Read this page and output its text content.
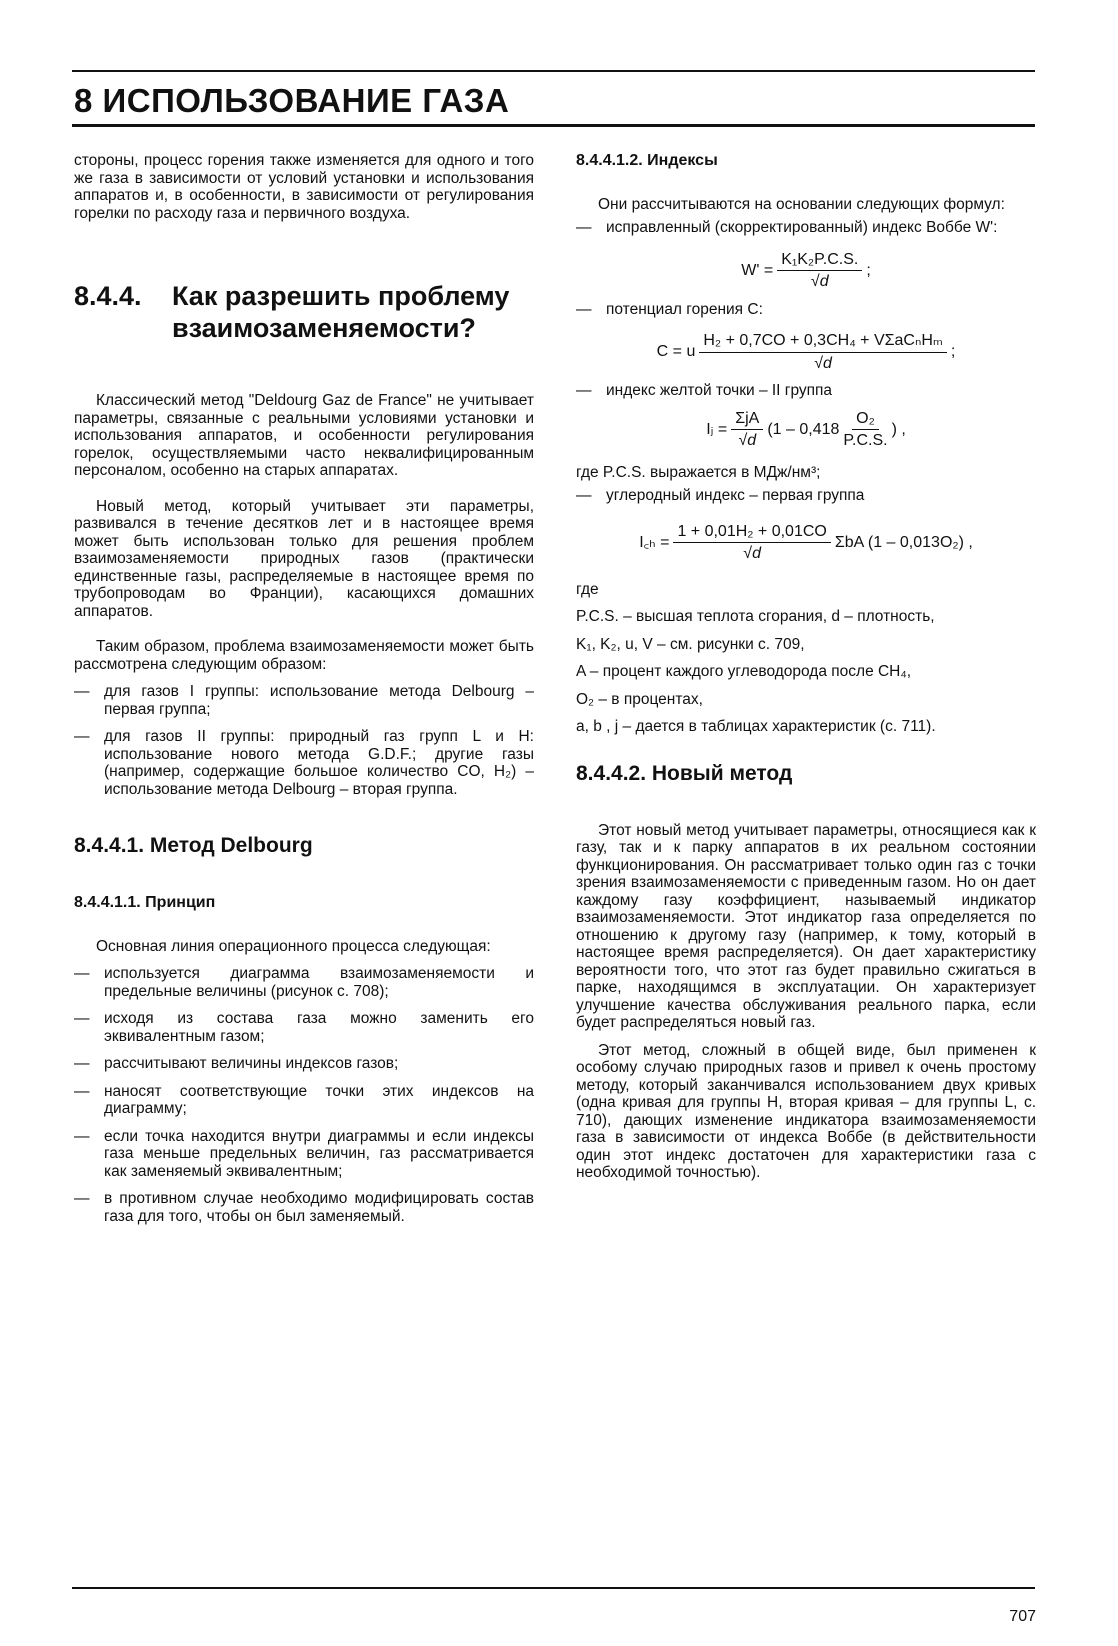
8 ИСПОЛЬЗОВАНИЕ ГАЗА

стороны, процесс горения также изменяется для одного и того же газа в зависимости от условий установки и использования аппаратов и, в особенности, в зависимости от регулирования горелки по расходу газа и первичного воздуха.

8.4.4.	Как разрешить проблему взаимозаменяемости?

Классический метод "Deldourg Gaz de France" не учитывает параметры, связанные с реальными условиями установки и использования аппаратов, и особенности регулирования горелок, осуществляемыми часто неквалифицированным персоналом, особенно на старых аппаратах.

Новый метод, который учитывает эти параметры, развивался в течение десятков лет и в настоящее время может быть использован только для решения проблем взаимозаменяемости природных газов (практически единственные газы, распределяемые в настоящее время по трубопроводам во Франции), касающихся домашних аппаратов.

Таким образом, проблема взаимозаменяемости может быть рассмотрена следующим образом:

— для газов I группы: использование метода Delbourg – первая группа;
— для газов II группы: природный газ групп L и H: использование нового метода G.D.F.; другие газы (например, содержащие большое количество CO, H₂) – использование метода Delbourg – вторая группа.
8.4.4.1. Метод Delbourg
8.4.4.1.1. Принцип

Основная линия операционного процесса следующая:

— используется диаграмма взаимозаменяемости и предельные величины (рисунок с. 708);
— исходя из состава газа можно заменить его эквивалентным газом;
— рассчитывают величины индексов газов;
— наносят соответствующие точки этих индексов на диаграмму;
— если точка находится внутри диаграммы и если индексы газа меньше предельных величин, газ рассматривается как заменяемый эквивалентным;
— в противном случае необходимо модифицировать состав газа для того, чтобы он был заменяемый.
8.4.4.1.2. Индексы

Они рассчитываются на основании следующих формул:

— исправленный (скорректированный) индекс Воббе W':
$W' = \frac{\text{K₁K₂P.C.S.}}{√d}$ ;
— потенциал горения C:
C = u $\frac{\text{H₂ + 0,7CO + 0,3CH₄ + VΣaCₙHₘ}}{√d}$ ;
— индекс желтой точки – II группа
Iⱼ = $\frac{\text{ΣjA}}{√d} (1 - 0,418 \frac{\text{O₂}}{P.C.S.}$ ) ,

где P.C.S. выражается в МДж/нм³;

— углеродный индекс – первая группа
I꜀ₕ = $\frac{\text{1 + 0,01H₂ + 0,01CO}}{√d}$ ΣbA (1 – 0,013O₂) ,

где

P.C.S. – высшая теплота сгорания, d – плотность,

K₁, K₂, u, V – см. рисунки с. 709,

A – процент каждого углеводорода после CH₄,

O₂ – в процентах,

a, b , j – дается в таблицах характеристик (с. 711).

8.4.4.2. Новый метод

Этот новый метод учитывает параметры, относящиеся как к газу, так и к парку аппаратов в их реальном состоянии функционирования. Он рассматривает только один газ с точки зрения взаимозаменяемости с приведенным газом. Но он дает каждому газу коэффициент, называемый индикатор взаимозаменяемости. Этот индикатор газа определяется по отношению к другому газу (например, к тому, который в настоящее время распределяется). Он дает характеристику вероятности того, что этот газ будет правильно сжигаться в парке, находящимся в эксплуатации. Он характеризует улучшение качества обслуживания реального парка, если будет распределяться новый газ.

Этот метод, сложный в общей виде, был применен к особому случаю природных газов и привел к очень простому методу, который заканчивался использованием двух кривых (одна кривая для группы H, вторая кривая – для группы L, с. 710), дающих изменение индикатора взаимозаменяемости газа в зависимости от индекса Воббе (в действительности один этот индекс достаточен для характеристики газа с необходимой точностью).

707
